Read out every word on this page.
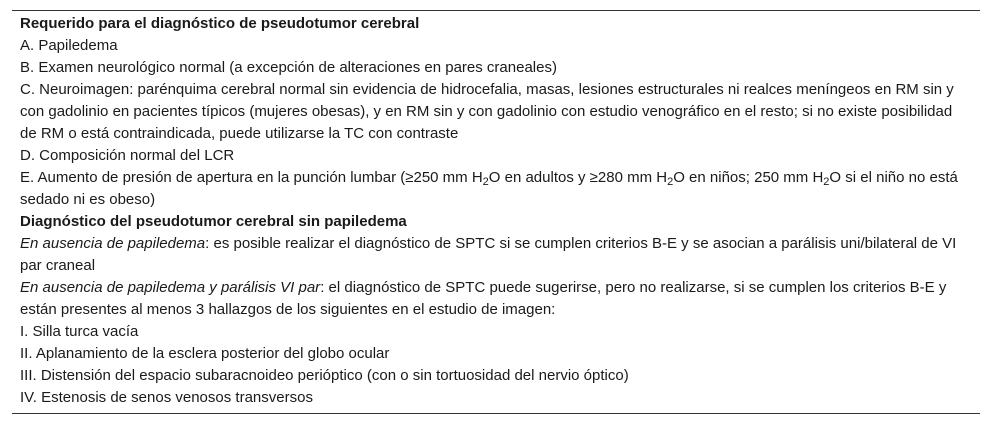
Requerido para el diagnóstico de pseudotumor cerebral
A. Papiledema
B. Examen neurológico normal (a excepción de alteraciones en pares craneales)
C. Neuroimagen: parénquima cerebral normal sin evidencia de hidrocefalia, masas, lesiones estructurales ni realces meníngeos en RM sin y con gadolinio en pacientes típicos (mujeres obesas), y en RM sin y con gadolinio con estudio venográfico en el resto; si no existe posibilidad de RM o está contraindicada, puede utilizarse la TC con contraste
D. Composición normal del LCR
E. Aumento de presión de apertura en la punción lumbar (≥250 mm $H_2O$ en adultos y ≥280 mm $H_2O$ en niños; 250 mm $H_2O$ si el niño no está sedado ni es obeso)
Diagnóstico del pseudotumor cerebral sin papiledema
En ausencia de papiledema: es posible realizar el diagnóstico de SPTC si se cumplen criterios B-E y se asocian a parálisis uni/bilateral de VI par craneal
En ausencia de papiledema y parálisis VI par: el diagnóstico de SPTC puede sugerirse, pero no realizarse, si se cumplen los criterios B-E y están presentes al menos 3 hallazgos de los siguientes en el estudio de imagen:
I. Silla turca vacía
II. Aplanamiento de la esclera posterior del globo ocular
III. Distensión del espacio subaracnoideo perióptico (con o sin tortuosidad del nervio óptico)
IV. Estenosis de senos venosos transversos
